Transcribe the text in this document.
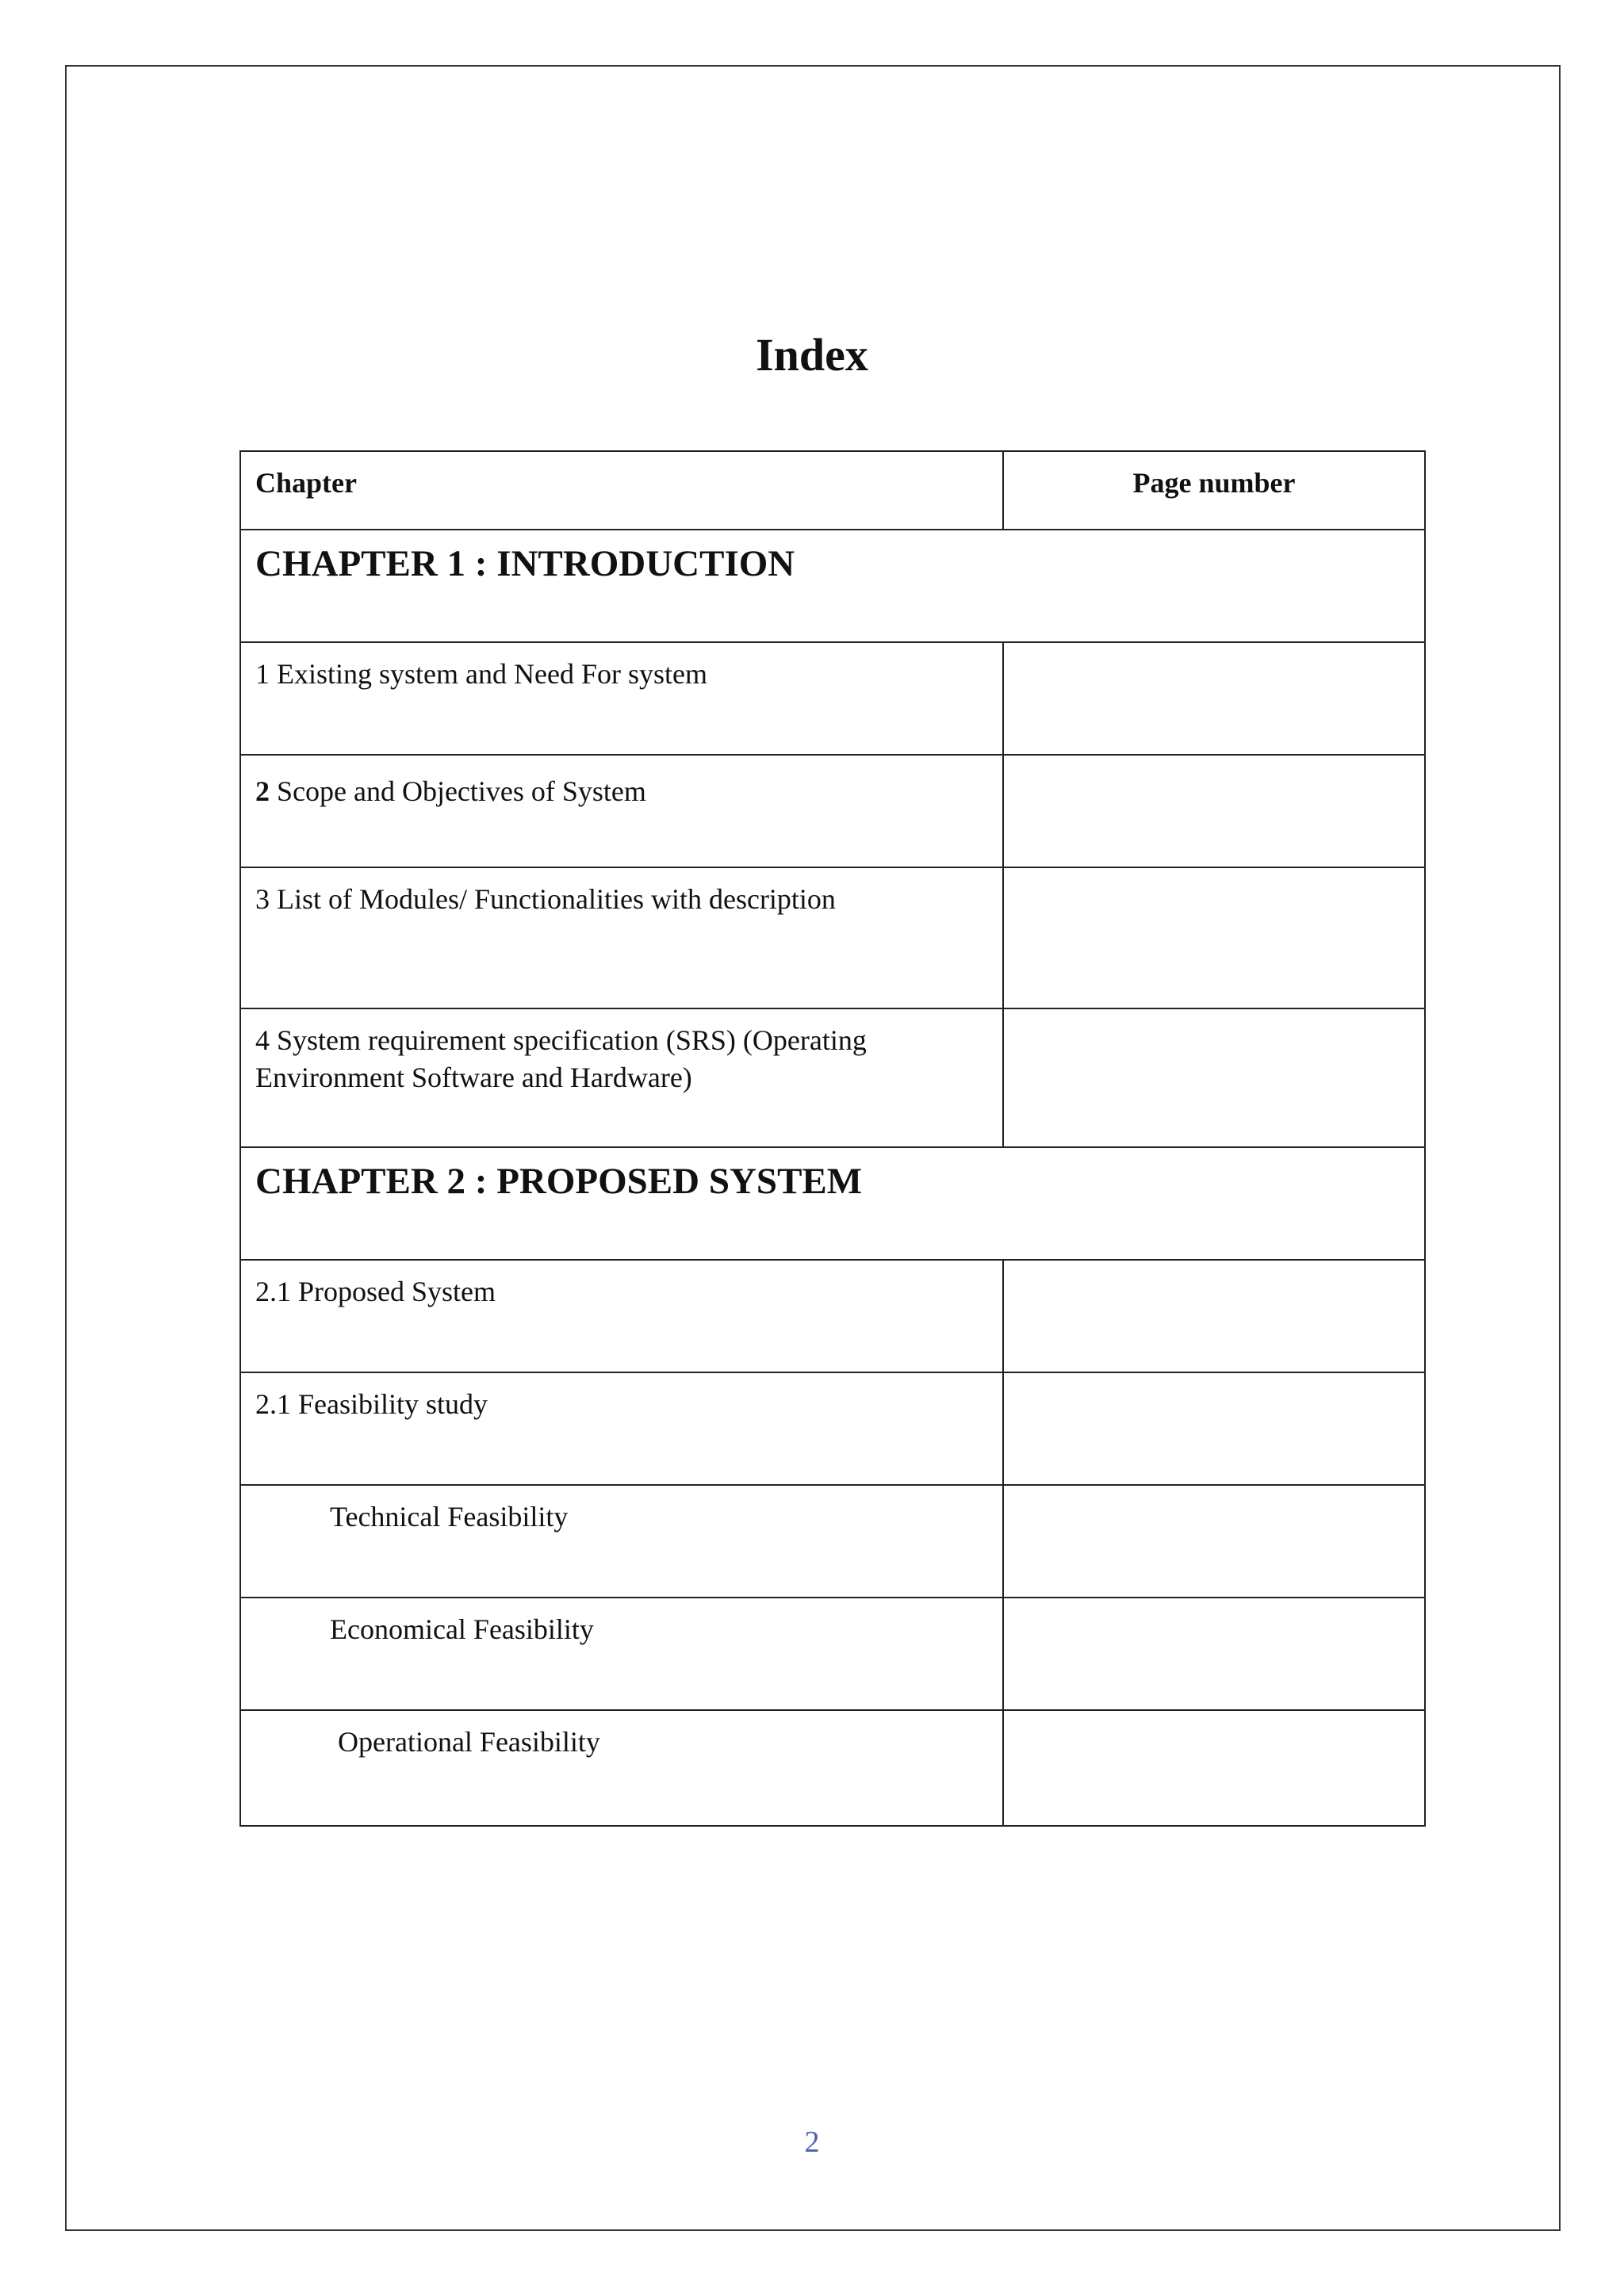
Index
Chapter	Page number

CHAPTER 1 : INTRODUCTION	

1 Existing system and Need For system	

2 Scope and Objectives of System	

3 List of Modules/ Functionalities with description	

4 System requirement specification (SRS) (Operating Environment Software and Hardware)	

CHAPTER 2 : PROPOSED SYSTEM	

2.1 Proposed System	

2.1 Feasibility study	

Technical Feasibility	

Economical Feasibility	

Operational Feasibility	

2
